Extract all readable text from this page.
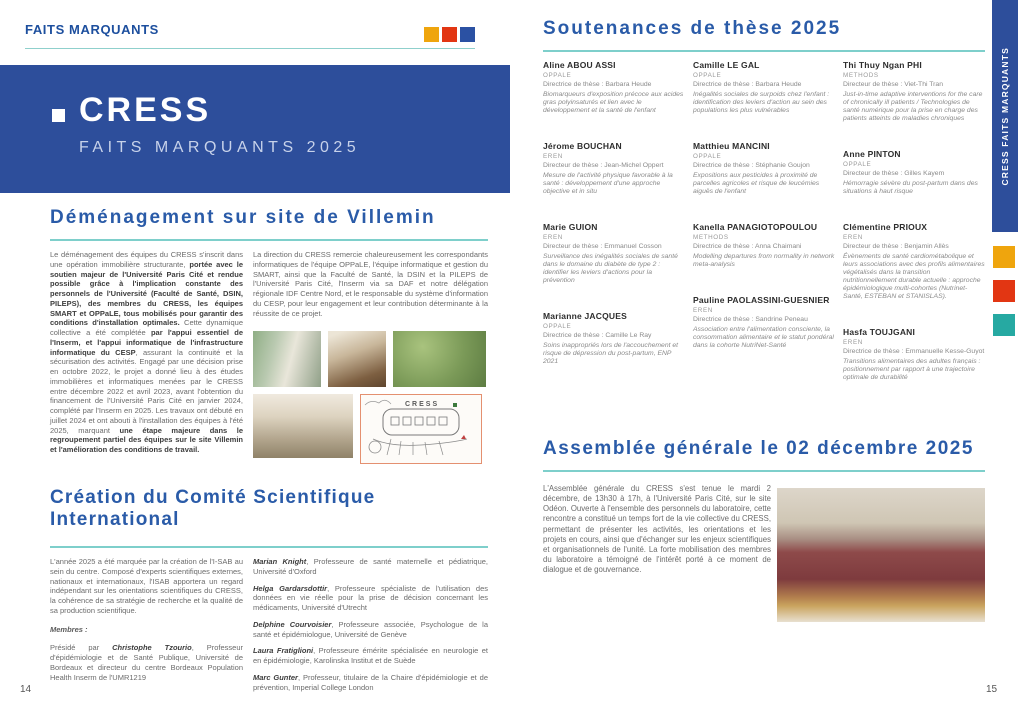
FAITS MARQUANTS
CRESS
FAITS MARQUANTS 2025
Déménagement sur site de Villemin
Le déménagement des équipes du CRESS s'inscrit dans une opération immobilière structurante, portée avec le soutien majeur de l'Université Paris Cité et rendue possible grâce à l'implication constante des personnels de l'Université (Faculté de Santé, DSIN, PILEPS), des membres du CRESS, les équipes SMART et OPPaLE, tous mobilisés pour garantir des conditions d'installation optimales. Cette dynamique collective a été complétée par l'appui essentiel de l'Inserm, et l'appui informatique de l'infrastructure informatique du CESP, assurant la continuité et la sécurisation des activités. Engagé par une décision prise en octobre 2022, le projet a donné lieu à des études immobilières et informatiques menées par le CRESS entre décembre 2022 et avril 2023, avant l'obtention du financement de l'Université Paris Cité en janvier 2024, complété par l'Inserm en 2025. Les travaux ont débuté en juillet 2024 et ont abouti à l'installation des équipes à l'été 2025, marquant une étape majeure dans le regroupement partiel des équipes sur le site Villemin et l'amélioration des conditions de travail.
La direction du CRESS remercie chaleureusement les correspondants informatiques de l'équipe OPPaLE, l'équipe informatique et gestion du SMART, ainsi que la Faculté de Santé, la DSIN et la PILEPS de l'Université Paris Cité, l'Inserm via sa DAF et notre délégation régionale IDF Centre Nord, et le responsable du système d'information du CESP, pour leur engagement et leur contribution déterminante à la réussite de ce projet.
CRESS
Création du Comité Scientifique
International
L'année 2025 a été marquée par la création de l'I-SAB au sein du centre. Composé d'experts scientifiques externes, nationaux et internationaux, l'ISAB apportera un regard indépendant sur les orientations scientifiques du CRESS, la cohérence de sa stratégie de recherche et la qualité de sa production scientifique.
Membres :
Présidé par Christophe Tzourio, Professeur d'épidémiologie et de Santé Publique, Université de Bordeaux et directeur du centre Bordeaux Population Health Inserm de l'UMR1219

Marian Knight, Professeure de santé maternelle et pédiatrique, Université d'Oxford

Helga Gardarsdottir, Professeure spécialiste de l'utilisation des données en vie réelle pour la prise de décision concernant les médicaments, Université d'Utrecht

Delphine Courvoisier, Professeure associée, Psychologue de la santé et épidémiologue, Université de Genève

Laura Fratiglioni, Professeure émérite spécialisée en neurologie et en épidémiologie, Karolinska Institut et de Suède

Marc Gunter, Professeur, titulaire de la Chaire d'épidémiologie et de prévention, Imperial College London

14
Soutenances de thèse 2025
Aline ABOU ASSI
OPPALE
Directrice de thèse : Barbara Heude
Biomarqueurs d'exposition précoce aux acides gras polyinsaturés et lien avec le développement et la santé de l'enfant
Jérome BOUCHAN
EREN
Directeur de thèse : Jean-Michel Oppert
Mesure de l'activité physique favorable à la santé : développement d'une approche objective et in situ
Marie GUION
EREN
Directeur de thèse : Emmanuel Cosson
Surveillance des inégalités sociales de santé dans le domaine du diabète de type 2 : identifier les leviers d'actions pour la prévention
Marianne JACQUES
OPPALE
Directrice de thèse : Camille Le Ray
Soins inappropriés lors de l'accouchement et risque de dépression du post-partum, ENP 2021
Camille LE GAL
OPPALE
Directrice de thèse : Barbara Heude
Inégalités sociales de surpoids chez l'enfant : identification des leviers d'action au sein des populations les plus vulnérables
Matthieu MANCINI
OPPALE
Directrice de thèse : Stéphanie Goujon
Expositions aux pesticides à proximité de parcelles agricoles et risque de leucémies aiguës de l'enfant
Kanella PANAGIOTOPOULOU
METHODS
Directrice de thèse : Anna Chaimani
Modelling departures from normality in network meta-analysis
Pauline PAOLASSINI-GUESNIER
EREN
Directrice de thèse : Sandrine Peneau
Association entre l'alimentation consciente, la consommation alimentaire et le statut pondéral dans la cohorte NutriNet-Santé
Thi Thuy Ngan PHI
METHODS
Directeur de thèse : Viet-Thi Tran
Just-in-time adaptive interventions for the care of chronically ill patients / Technologies de santé numérique pour la prise en charge des patients atteints de maladies chroniques
Anne PINTON
OPPALE
Directeur de thèse : Gilles Kayem
Hémorragie sévère du post-partum dans des situations à haut risque
Clémentine PRIOUX
EREN
Directeur de thèse : Benjamin Allès
Évènements de santé cardiométabolique et leurs associations avec des profils alimentaires végétalisés dans la transition nutritionnellement durable actuelle : approche épidémiologique multi-cohortes (Nutrinet-Santé, ESTEBAN et STANISLAS).
Hasfa TOUJGANI
EREN
Directrice de thèse : Emmanuelle Kesse-Guyot
Transitions alimentaires des adultes français : positionnement par rapport à une trajectoire optimale de durabilité
Assemblée générale le 02 décembre 2025
L'Assemblée générale du CRESS s'est tenue le mardi 2 décembre, de 13h30 à 17h, à l'Université Paris Cité, sur le site Odéon. Ouverte à l'ensemble des personnels du laboratoire, cette rencontre a constitué un temps fort de la vie collective du CRESS, permettant de présenter les activités, les orientations et les projets en cours, ainsi que d'échanger sur les enjeux scientifiques et organisationnels de l'unité. La forte mobilisation des membres du laboratoire a témoigné de l'intérêt porté à ce moment de dialogue et de gouvernance.
15
CRESS FAITS MARQUANTS
